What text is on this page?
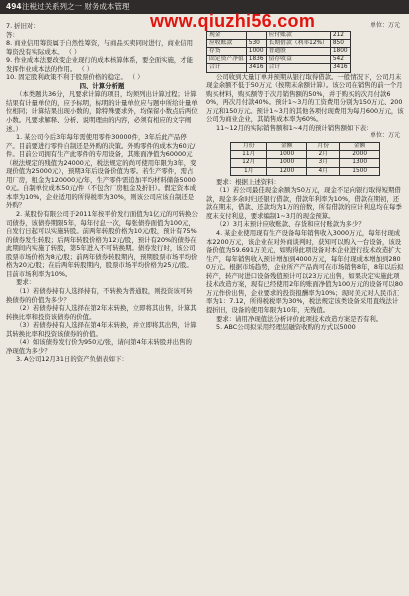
494 注税过关系列之一 财务成本管理
www.qiuzhi56.com

7. 折旧对：

答：

8. 商业信用筹资属于自然性筹资，与商品买卖同时进行，商业信用筹资没有实际成本。 （ ）

9. 作业成本法要改变企业现行的成本核算体系，要全面实施，才能发挥作业成本法的作用。 （ ）

10. 固定股利政策不利于股票价格的稳定。 （ ）

四、计算分析题

（本类题共36分，凡要求计算的项目，均须列出计算过程；计算结果有计量单位的，应予标明，标明的计量单位应与题中所给计量单位相同；计算结果出现小数的，除特殊要求外，均保留小数点后两位小数。凡要求解释、分析、说明理由的内容，必须有相应的文字阐述。）

1. 某公司今后3年每年需使用零件30000件，3年后此产品停产。目前要进行零件自制还是外购的决策。外购零件的成本为60元/件。目前公司拥有生产此零件的专用设备，其账面净值为60000元（税法规定的残值为24000元，税法规定的尚可使用年限为3年，变现价值为25000元），预期3年后设备价值为零。若生产零件，需占用厂房，租金为120000元/年，生产零件需追加平均材料储备50000元。自制单位成本50元/件（不包含厂房租金及折旧）。假定资本成本率为10%，企业适用的所得税率为30%，则该公司应该自制还是外购？

2. 某股份有限公司于2011年按平价发行面值为1亿元的可转换公司债券，该债券期限5年，每年付息一次，每张债券面值为100元，自发行日起可以实施转股。前两年转股价格为10元/股，预计有75%的债券发生转股；后两年转股价格为12元/股，预计有20%的债券在此期间内实施了转股，第5年进入不可转换期。债券发行时，该公司股票市场价格为8元/股；前两年债券转股期内，预期股票市场平均价格为20元/股；在后两年转股期内，股票市场平均价格为25元/股。目前市场利率为10%。

要求：

（1）若债券持有人选择持有，不转换为普通股，则投资该可转换债券的价值为多少？

（2）若债券持有人选择在第2年末转换，立即将其出售，计算其转换比率和投资该债券的价值。

（3）若债券持有人选择在第4年末转换，并立即将其出售，计算其转换比率和投资该债券的价值。

（4）如该债券发行价为950元/张，请问第4年末转股并出售的净现值为多少？

3. A公司12月31日的资产负债表如下：

单位：万元
现金		应付账款	212
应收账款	530	长期借款（利率12%）	850
存货	1000	普通股	1800
固定资产净值	1836	留存收益	542
合计	3416	合计	3416

公司收到大量订单并预期从银行取得借款。一般情况下，公司月末现金余额不低于50万元（按期末余额计算）。该公司在销售的前一个月购买材料，购买额等于次月销售额的50%，并于购买的次月付款60%，再次月付款40%。预计1~3月的工资费用分别为150万元、200万元和150万元。预计1~3月的其他各项付现费用为每月600万元，该公司为商业企业，其销售成本率为60%。

11~12月的实际销售额和1~4月的预计销售额如下表：

单位：万元
月份	金额	月份	金额
11月	1000	2月	2000
12月	1000	3月	1300
1月	1200	4月	1500

要求：根据上述资料：

（1）若公司最佳现金余额为50万元，现金不足向银行取得短期借款，现金多余时归还银行借款，借款年利率为10%，借款在期初，还款在期末，借款、还款均为1万的倍数，所有借款的应计利息均在每季度末支付利息，要求编制1~3月的现金预算。

（2）3月末预计应收账款、存货和应付账款为多少？

4. 某企业使用现有生产设备每年销售收入3000万元，每年付现成本2200万元，该企业在对外商谈判时，获知可以购入一台设备，该设备价值为59.691万美元，如购得此项设备对本企业进行技术改造扩大生产，每年销售收入预计增加到4000万元，每年付现成本增加到2800万元。根据市场趋势，企业所产产品尚可在市场销售8年，8年以后拟转产，转产时进口设备残值预计可以23万元出售，如果决定实施此项技术改造方案，现有已经使用2年的账面净值为100万元的设备可以80万元作价出售，企业要求的投资报酬率为10%；现时美元对人民币汇率为1：7.12，所得税税率为30%，税法规定该类设备采用直线法计提折旧，设备的使用年限为10年，无残值。

要求：请用净现值法分析评价此项技术改造方案是否有利。

5. ABC公司拟采用经理层融资收购的方式以5000
